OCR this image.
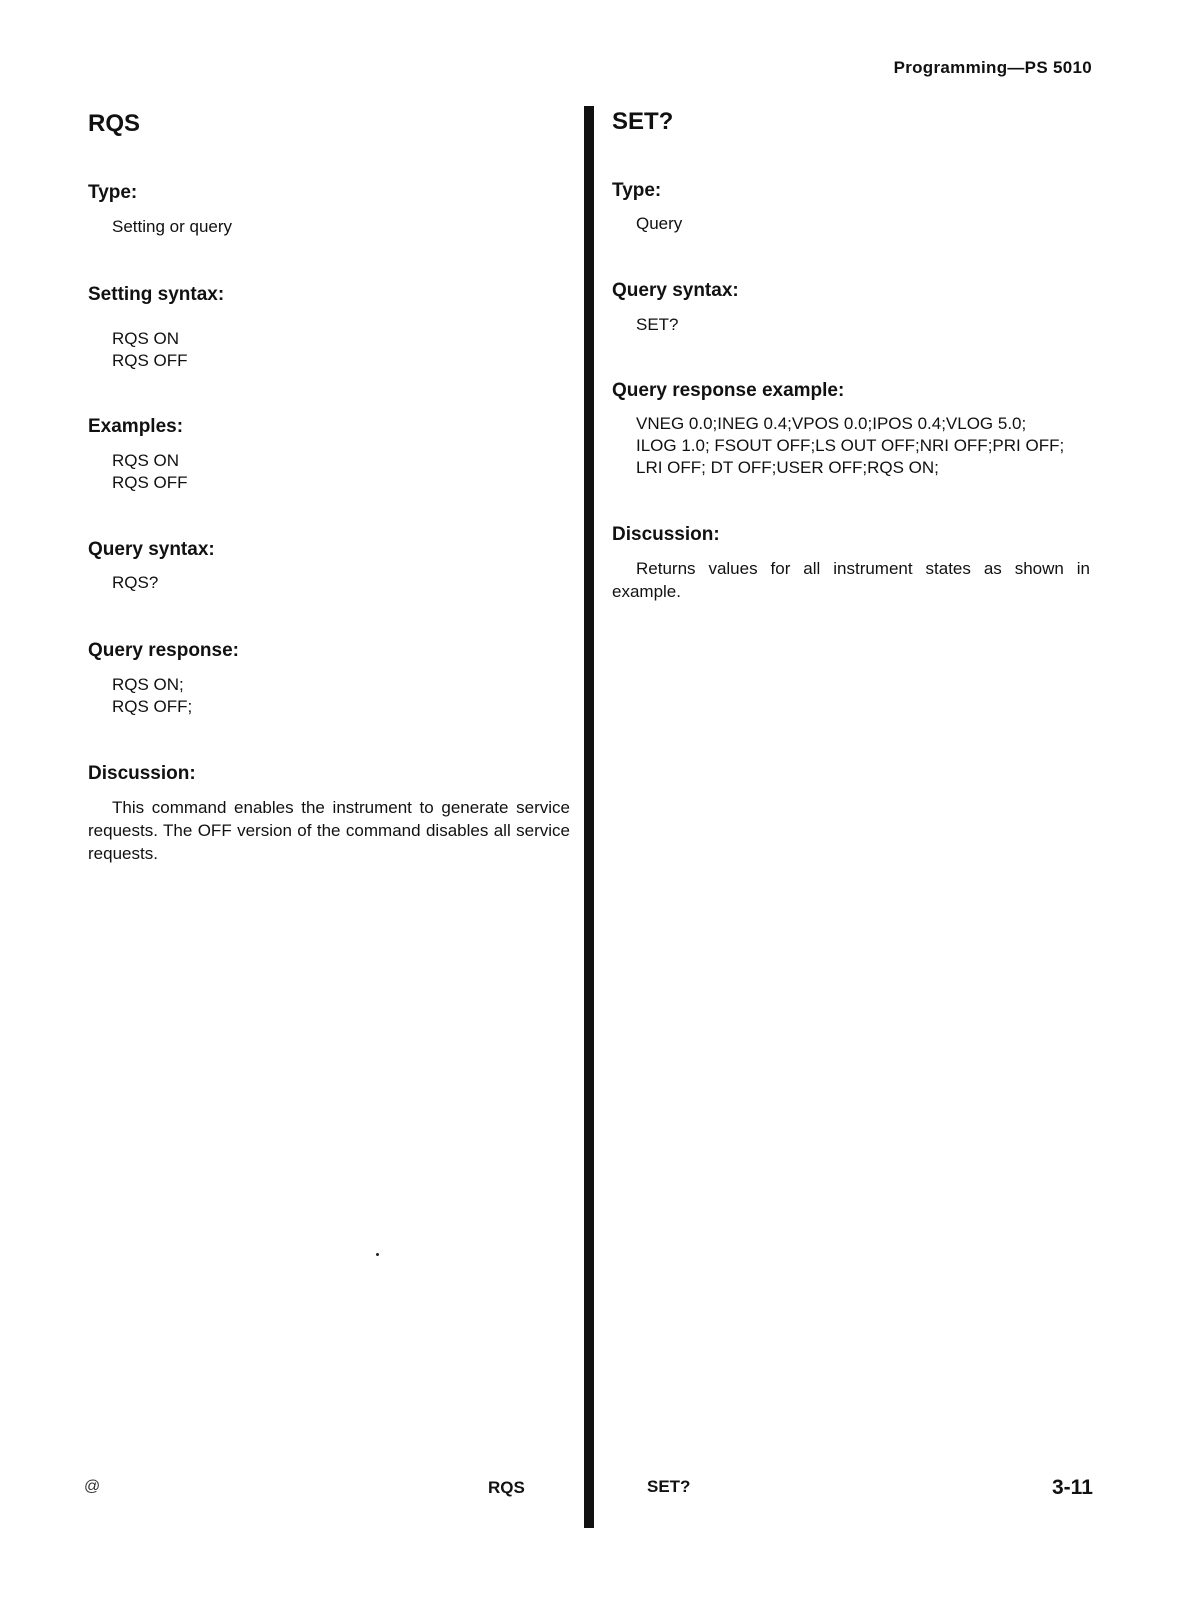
Programming—PS 5010
RQS
Type:

Setting or query

Setting syntax:

RQS ON

RQS OFF

Examples:

RQS ON

RQS OFF

Query syntax:

RQS?

Query response:

RQS ON;

RQS OFF;

Discussion:

This command enables the instrument to generate service requests. The OFF version of the command disables all service requests.

SET?
Type:

Query

Query syntax:

SET?

Query response example:

VNEG 0.0;INEG 0.4;VPOS 0.0;IPOS 0.4;VLOG 5.0;

ILOG 1.0; FSOUT OFF;LS OUT OFF;NRI OFF;PRI OFF;

LRI OFF; DT OFF;USER OFF;RQS ON;

Discussion:

Returns values for all instrument states as shown in example.

@	RQS	SET?	3-11
